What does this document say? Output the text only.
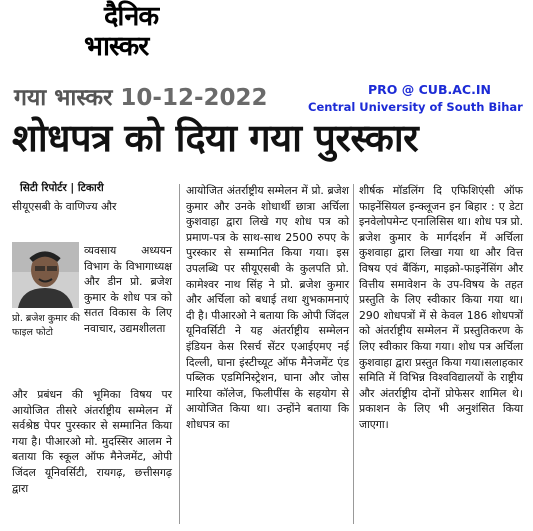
दैनिक
भास्कर
गया भास्कर 10-12-2022	PRO @ CUB.AC.IN
Central University of South Bihar
शोधपत्र को दिया गया पुरस्कार
सिटी रिपोर्टर | टिकारी
सीयूएसबी के वाणिज्य और
व्यवसाय अध्ययन विभाग के विभागाध्यक्ष और डीन प्रो. ब्रजेश कुमार के शोध पत्र को सतत विकास के लिए नवाचार, उद्यमशीलता
प्रो. ब्रजेश कुमार की फाइल फोटो
और प्रबंधन की भूमिका विषय पर आयोजित तीसरे अंतर्राष्ट्रीय सम्मेलन में सर्वश्रेष्ठ पेपर पुरस्कार से सम्मानित किया गया है। पीआरओ मो. मुदस्सिर आलम ने बताया कि स्कूल ऑफ मैनेजमेंट, ओपी जिंदल यूनिवर्सिटी, रायगढ़, छत्तीसगढ़ द्वारा
आयोजित अंतर्राष्ट्रीय सम्मेलन में प्रो. ब्रजेश कुमार और उनके शोधार्थी छात्रा अर्चिला कुशवाहा द्वारा लिखे गए शोध पत्र को प्रमाण-पत्र के साथ-साथ 2500 रुपए के पुरस्कार से सम्मानित किया गया। इस उपलब्धि पर सीयूएसबी के कुलपति प्रो. कामेश्वर नाथ सिंह ने प्रो. ब्रजेश कुमार और अर्चिला को बधाई तथा शुभकामनाएं दी है। पीआरओ ने बताया कि ओपी जिंदल यूनिवर्सिटी ने यह अंतर्राष्ट्रीय सम्मेलन इंडियन केस रिसर्च सेंटर एआईएमए नई दिल्ली, घाना इंस्टीच्यूट ऑफ मैनेजमेंट एंड पब्लिक एडमिनिस्ट्रेशन, घाना और जोस मारिया कॉलेज, फिलीपींस के सहयोग से आयोजित किया था। उन्होंने बताया कि शोधपत्र का
शीर्षक मॉडलिंग दि एफिशिएंसी ऑफ फाइनेंसियल इन्क्लूजन इन बिहार : ए डेटा इनवेलोपमेन्ट एनालिसिस था। शोध पत्र प्रो. ब्रजेश कुमार के मार्गदर्शन में अर्चिला कुशवाहा द्वारा लिखा गया था और वित्त विषय एवं बैंकिंग, माइक्रो-फाइनेंसिंग और वित्तीय समावेशन के उप-विषय के तहत प्रस्तुति के लिए स्वीकार किया गया था। 290 शोधपत्रों में से केवल 186 शोधपत्रों को अंतर्राष्ट्रीय सम्मेलन में प्रस्तुतिकरण के लिए स्वीकार किया गया। शोध पत्र अर्चिला कुशवाहा द्वारा प्रस्तुत किया गया।सलाहकार समिति में विभिन्न विश्वविद्यालयों के राष्ट्रीय और अंतर्राष्ट्रीय दोनों प्रोफेसर शामिल थे। प्रकाशन के लिए भी अनुशंसित किया जाएगा।
